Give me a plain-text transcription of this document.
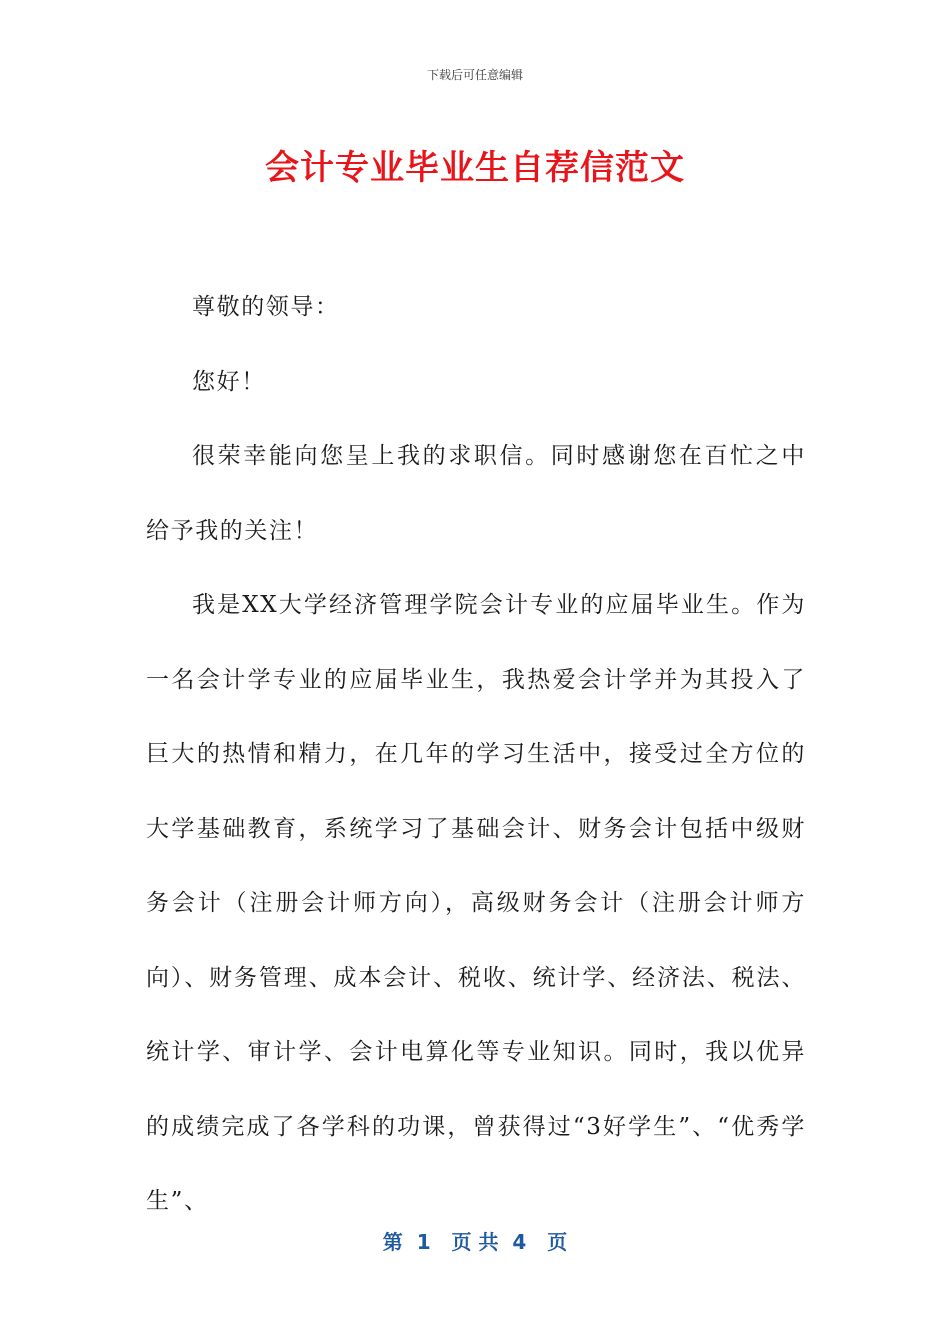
下载后可任意编辑
会计专业毕业生自荐信范文

尊敬的领导：

您好！

很荣幸能向您呈上我的求职信。同时感谢您在百忙之中给予我的关注！

我是XX大学经济管理学院会计专业的应届毕业生。作为一名会计学专业的应届毕业生，我热爱会计学并为其投入了巨大的热情和精力，在几年的学习生活中，接受过全方位的大学基础教育，系统学习了基础会计、财务会计包括中级财务会计（注册会计师方向），高级财务会计（注册会计师方向）、财务管理、成本会计、税收、统计学、经济法、税法、统计学、审计学、会计电算化等专业知识。同时，我以优异的成绩完成了各学科的功课，曾获得过“3好学生”、“优秀学生”、

第  1   页 共  4   页
